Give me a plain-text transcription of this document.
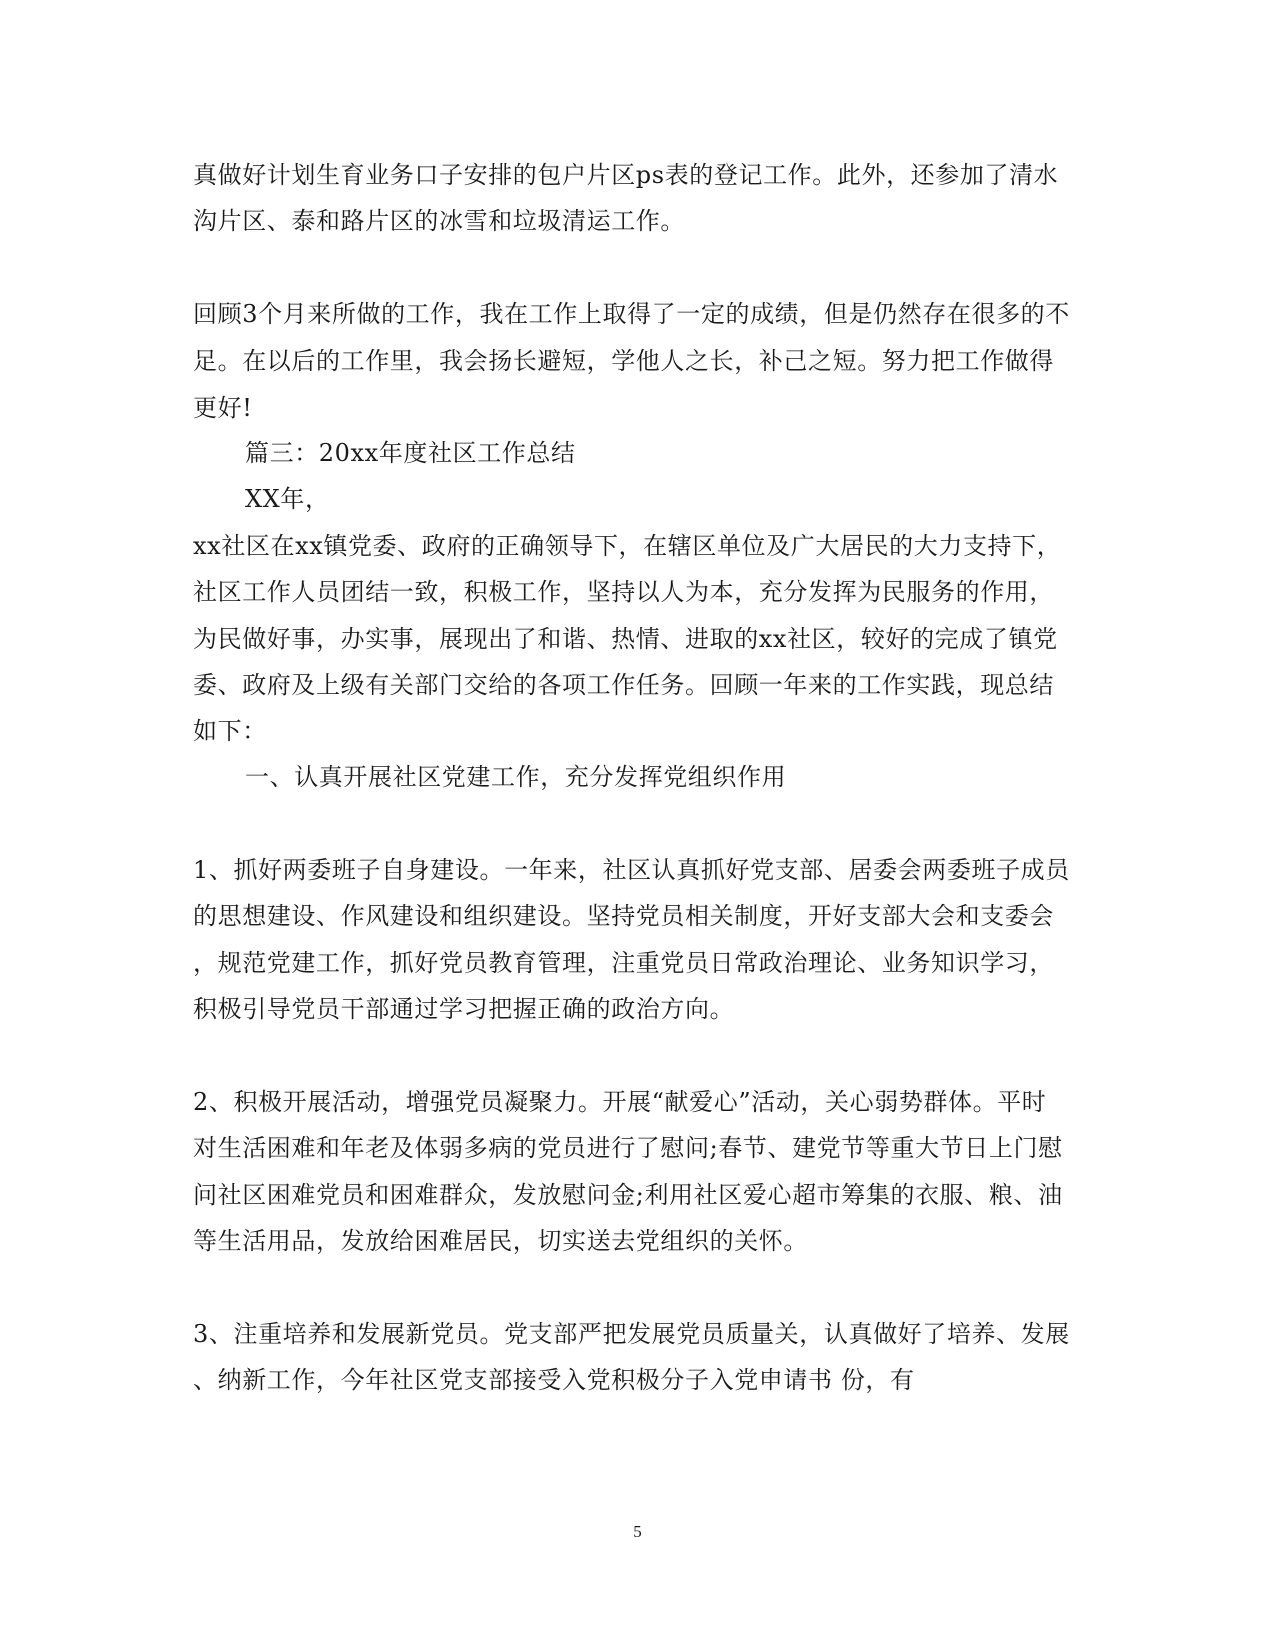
真做好计划生育业务口子安排的包户片区ps表的登记工作。此外，还参加了清水
沟片区、泰和路片区的冰雪和垃圾清运工作。
回顾3个月来所做的工作，我在工作上取得了一定的成绩，但是仍然存在很多的不
足。在以后的工作里，我会扬长避短，学他人之长，补己之短。努力把工作做得
更好!
篇三：20xx年度社区工作总结
XX年，
xx社区在xx镇党委、政府的正确领导下，在辖区单位及广大居民的大力支持下，
社区工作人员团结一致，积极工作，坚持以人为本，充分发挥为民服务的作用，
为民做好事，办实事，展现出了和谐、热情、进取的xx社区，较好的完成了镇党
委、政府及上级有关部门交给的各项工作任务。回顾一年来的工作实践，现总结
如下：
一、认真开展社区党建工作，充分发挥党组织作用
1、抓好两委班子自身建设。一年来，社区认真抓好党支部、居委会两委班子成员
的思想建设、作风建设和组织建设。坚持党员相关制度，开好支部大会和支委会
，规范党建工作，抓好党员教育管理，注重党员日常政治理论、业务知识学习，
积极引导党员干部通过学习把握正确的政治方向。
2、积极开展活动，增强党员凝聚力。开展“献爱心”活动，关心弱势群体。平时
对生活困难和年老及体弱多病的党员进行了慰问;春节、建党节等重大节日上门慰
问社区困难党员和困难群众，发放慰问金;利用社区爱心超市筹集的衣服、粮、油
等生活用品，发放给困难居民，切实送去党组织的关怀。
3、注重培养和发展新党员。党支部严把发展党员质量关，认真做好了培养、发展
、纳新工作，今年社区党支部接受入党积极分子入党申请书 份，有
5
